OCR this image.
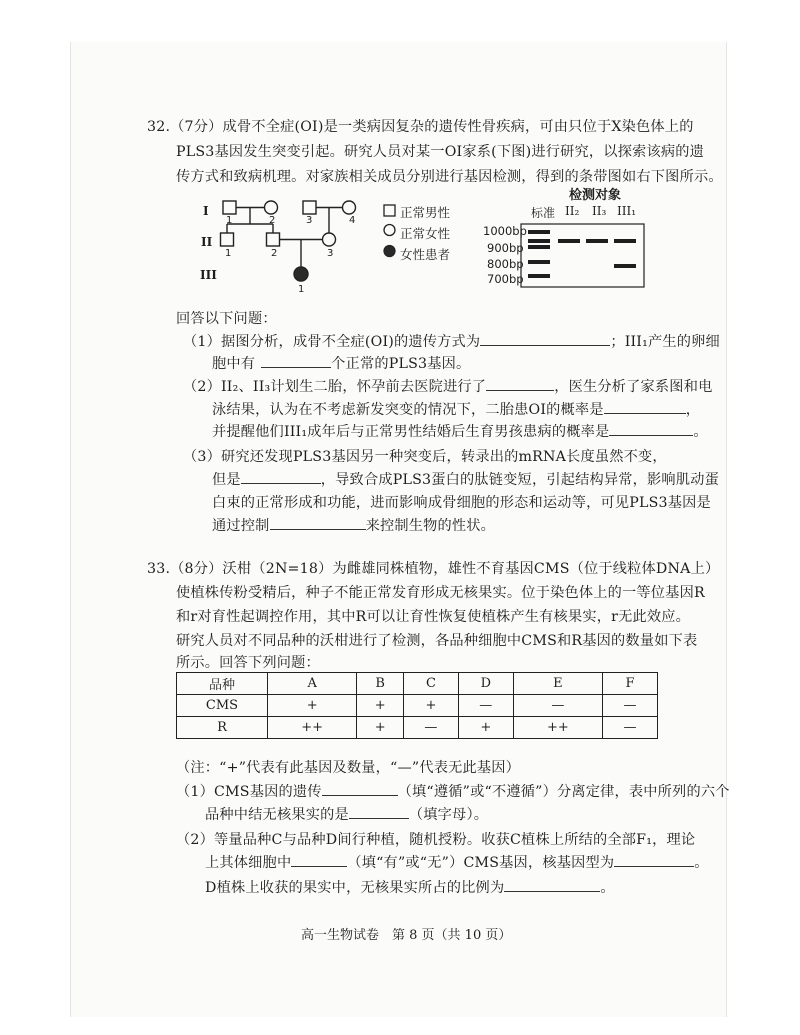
32.（7分）成骨不全症(OI)是一类病因复杂的遗传性骨疾病，可由只位于X染色体上的
PLS3基因发生突变引起。研究人员对某一OI家系(下图)进行研究，以探索该病的遗
传方式和致病机理。对家族相关成员分别进行基因检测，得到的条带图如右下图所示。
I
II
III
1	2	3	4
1	2	3
1
正常男性
正常女性
女性患者
检测对象
标准 II₂ II₃ III₁
1000bp
900bp
800bp
700bp
回答以下问题：
（1）据图分析，成骨不全症(OI)的遗传方式为	；III₁产生的卵细
胞中有	个正常的PLS3基因。
（2）II₂、II₃计划生二胎，怀孕前去医院进行了	，医生分析了家系图和电
泳结果，认为在不考虑新发突变的情况下，二胎患OI的概率是	，
并提醒他们III₁成年后与正常男性结婚后生育男孩患病的概率是	。
（3）研究还发现PLS3基因另一种突变后，转录出的mRNA长度虽然不变，
但是	，导致合成PLS3蛋白的肽链变短，引起结构异常，影响肌动蛋
白束的正常形成和功能，进而影响成骨细胞的形态和运动等，可见PLS3基因是
通过控制	来控制生物的性状。
33.（8分）沃柑（2N=18）为雌雄同株植物，雄性不育基因CMS（位于线粒体DNA上）
使植株传粉受精后，种子不能正常发育形成无核果实。位于染色体上的一等位基因R
和r对育性起调控作用，其中R可以让育性恢复使植株产生有核果实，r无此效应。
研究人员对不同品种的沃柑进行了检测，各品种细胞中CMS和R基因的数量如下表
所示。回答下列问题：
品种	A	B	C	D	E	F
CMS	+	+	+	—	—	—
R	++	+	—	+	++	—
（注：“+”代表有此基因及数量，“—”代表无此基因）
（1）CMS基因的遗传	（填“遵循”或“不遵循”）分离定律，表中所列的六个
品种中结无核果实的是	（填字母）。
（2）等量品种C与品种D间行种植，随机授粉。收获C植株上所结的全部F₁，理论
上其体细胞中	（填“有”或“无”）CMS基因，核基因型为	。
D植株上收获的果实中，无核果实所占的比例为	。
高一生物试卷　第 8 页（共 10 页）
